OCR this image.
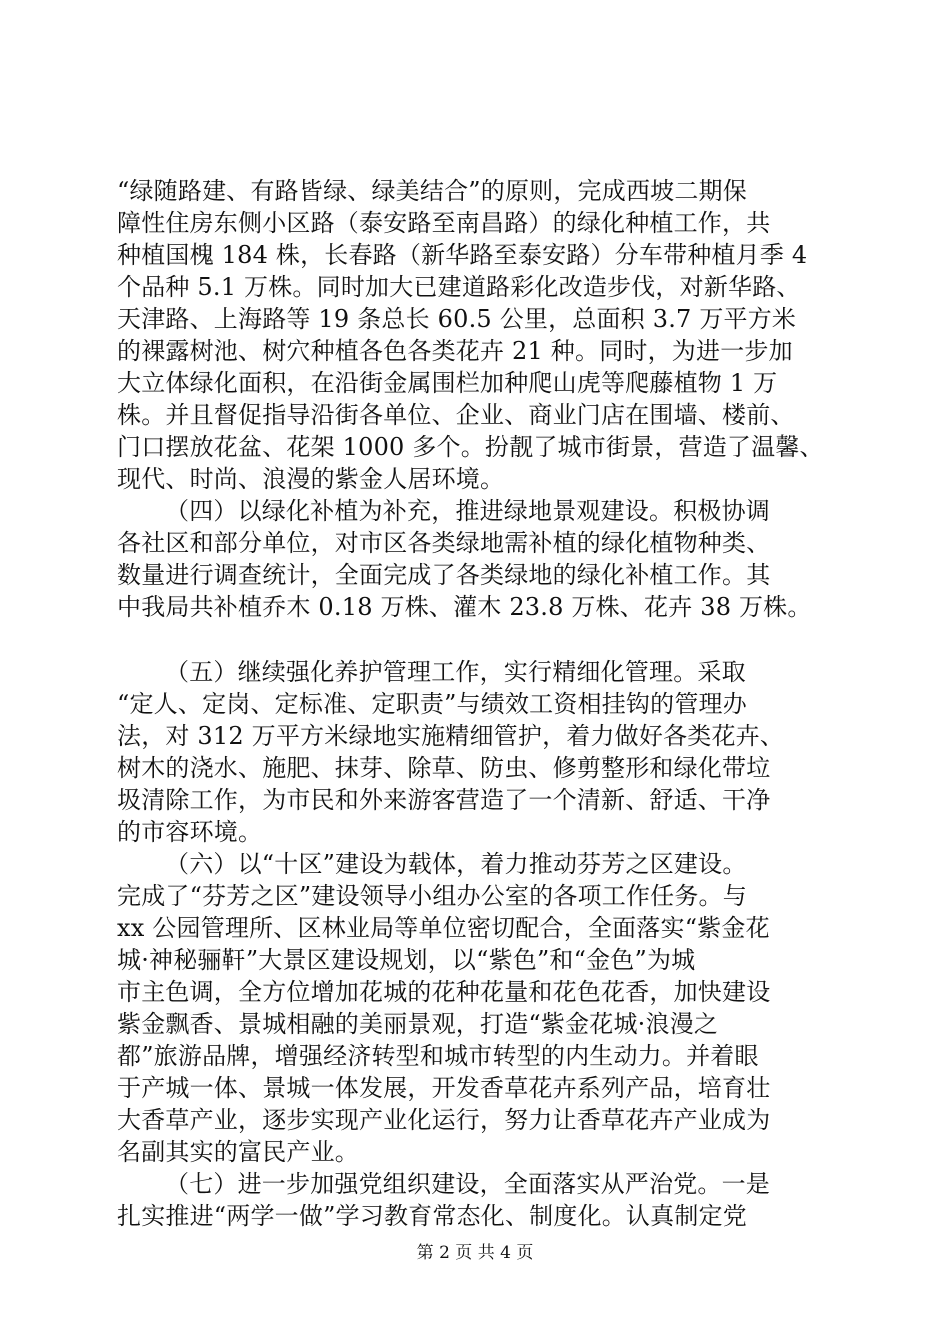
“绿随路建、有路皆绿、绿美结合”的原则，完成西坡二期保
障性住房东侧小区路（泰安路至南昌路）的绿化种植工作，共
种植国槐 184 株，长春路（新华路至泰安路）分车带种植月季 4
个品种 5.1 万株。同时加大已建道路彩化改造步伐，对新华路、
天津路、上海路等 19 条总长 60.5 公里，总面积 3.7 万平方米
的裸露树池、树穴种植各色各类花卉 21 种。同时，为进一步加
大立体绿化面积，在沿街金属围栏加种爬山虎等爬藤植物 1 万
株。并且督促指导沿街各单位、企业、商业门店在围墙、楼前、
门口摆放花盆、花架 1000 多个。扮靓了城市街景，营造了温馨、
现代、时尚、浪漫的紫金人居环境。
（四）以绿化补植为补充，推进绿地景观建设。积极协调
各社区和部分单位，对市区各类绿地需补植的绿化植物种类、
数量进行调查统计，全面完成了各类绿地的绿化补植工作。其
中我局共补植乔木 0.18 万株、灌木 23.8 万株、花卉 38 万株。
（五）继续强化养护管理工作，实行精细化管理。采取
“定人、定岗、定标准、定职责”与绩效工资相挂钩的管理办
法，对 312 万平方米绿地实施精细管护，着力做好各类花卉、
树木的浇水、施肥、抹芽、除草、防虫、修剪整形和绿化带垃
圾清除工作，为市民和外来游客营造了一个清新、舒适、干净
的市容环境。
（六）以“十区”建设为载体，着力推动芬芳之区建设。
完成了“芬芳之区”建设领导小组办公室的各项工作任务。与
xx 公园管理所、区林业局等单位密切配合，全面落实“紫金花
城·神秘骊靬”大景区建设规划，以“紫色”和“金色”为城
市主色调，全方位增加花城的花种花量和花色花香，加快建设
紫金飘香、景城相融的美丽景观，打造“紫金花城·浪漫之
都”旅游品牌，增强经济转型和城市转型的内生动力。并着眼
于产城一体、景城一体发展，开发香草花卉系列产品，培育壮
大香草产业，逐步实现产业化运行，努力让香草花卉产业成为
名副其实的富民产业。
（七）进一步加强党组织建设，全面落实从严治党。一是
扎实推进“两学一做”学习教育常态化、制度化。认真制定党
第 2 页 共 4 页
